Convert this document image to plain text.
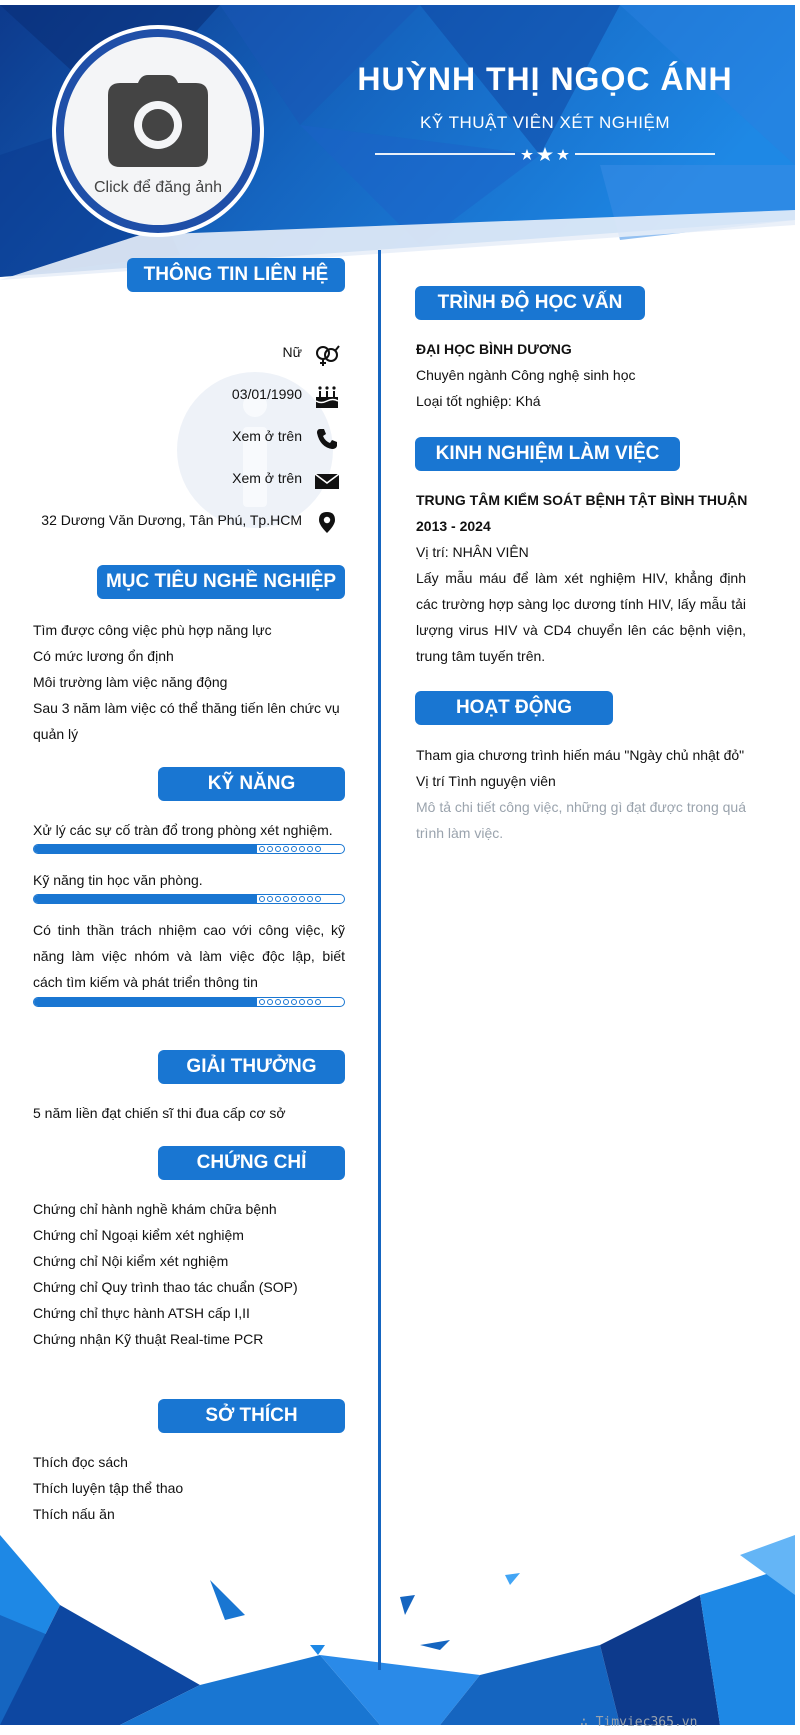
Click để đăng ảnh
HUỲNH THỊ NGỌC ÁNH
KỸ THUẬT VIÊN XÉT NGHIỆM
THÔNG TIN LIÊN HỆ
Nữ
03/01/1990
Xem ở trên
Xem ở trên
32 Dương Văn Dương, Tân Phú, Tp.HCM
MỤC TIÊU NGHỀ NGHIỆP
Tìm được công việc phù hợp năng lực
Có mức lương ổn định
Môi trường làm việc năng động
Sau 3 năm làm việc có thể thăng tiến lên chức vụ quản lý
KỸ NĂNG
Xử lý các sự cố tràn đổ trong phòng xét nghiệm.
Kỹ năng tin học văn phòng.
Có tinh thần trách nhiệm cao với công việc, kỹ năng làm việc nhóm và làm việc độc lập, biết cách tìm kiếm và phát triển thông tin
GIẢI THƯỞNG
5 năm liền đạt chiến sĩ thi đua cấp cơ sở
CHỨNG CHỈ
Chứng chỉ hành nghề khám chữa bệnh
Chứng chỉ Ngoại kiểm xét nghiệm
Chứng chỉ Nội kiểm xét nghiệm
Chứng chỉ Quy trình thao tác chuẩn (SOP)
Chứng chỉ thực hành ATSH cấp I,II
Chứng nhận Kỹ thuật Real-time PCR
SỞ THÍCH
Thích đọc sách
Thích luyện tập thể thao
Thích nấu ăn
TRÌNH ĐỘ HỌC VẤN
ĐẠI HỌC BÌNH DƯƠNG
Chuyên ngành Công nghệ sinh học
Loại tốt nghiệp: Khá
KINH NGHIỆM LÀM VIỆC
TRUNG TÂM KIỂM SOÁT BỆNH TẬT BÌNH THUẬN
2013 - 2024
Vị trí: NHÂN VIÊN
Lấy mẫu máu để làm xét nghiệm HIV, khẳng định các trường hợp sàng lọc dương tính HIV, lấy mẫu tải lượng virus HIV và CD4 chuyển lên các bệnh viện, trung tâm tuyến trên.
HOẠT ĐỘNG
Tham gia chương trình hiến máu "Ngày chủ nhật đỏ"
Vị trí Tình nguyện viên
Mô tả chi tiết công việc, những gì đạt được trong quá trình làm việc.
∴ Timviec365.vn
